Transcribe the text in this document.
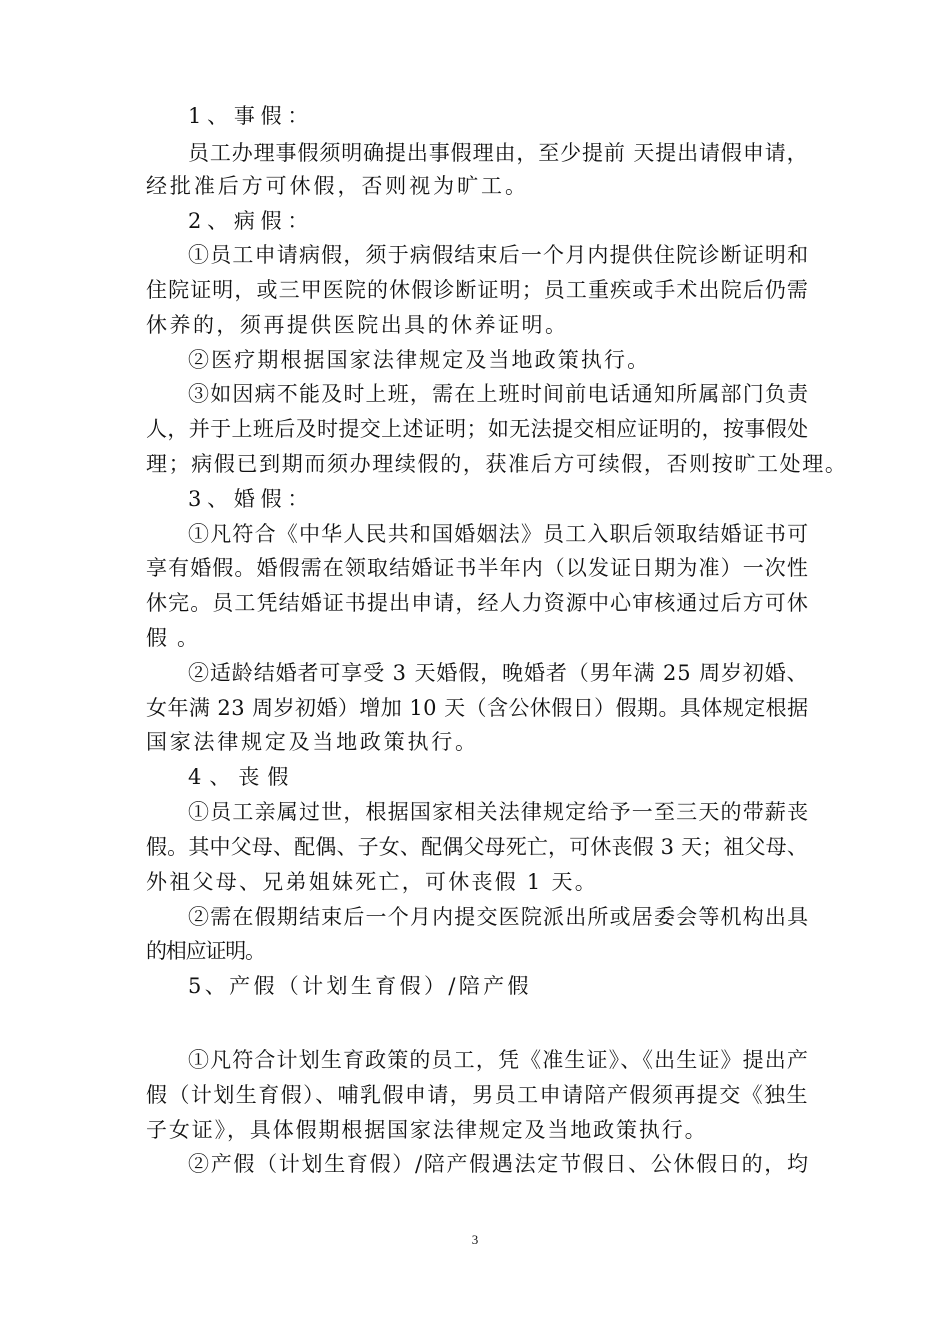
1、事假：
员工办理事假须明确提出事假理由，至少提前 天提出请假申请，
经批准后方可休假，否则视为旷工。
2、病假：
①员工申请病假，须于病假结束后一个月内提供住院诊断证明和
住院证明，或三甲医院的休假诊断证明；员工重疾或手术出院后仍需
休养的，须再提供医院出具的休养证明。
②医疗期根据国家法律规定及当地政策执行。
③如因病不能及时上班，需在上班时间前电话通知所属部门负责
人，并于上班后及时提交上述证明；如无法提交相应证明的，按事假处
理；病假已到期而须办理续假的，获准后方可续假，否则按旷工处理。
3、婚假：
①凡符合《中华人民共和国婚姻法》员工入职后领取结婚证书可
享有婚假。婚假需在领取结婚证书半年内（以发证日期为准）一次性
休完。员工凭结婚证书提出申请，经人力资源中心审核通过后方可休
假。
②适龄结婚者可享受 3 天婚假，晚婚者（男年满 25 周岁初婚、
女年满 23 周岁初婚）增加 10 天（含公休假日）假期。具体规定根据
国家法律规定及当地政策执行。
4、丧假
①员工亲属过世，根据国家相关法律规定给予一至三天的带薪丧
假。其中父母、配偶、子女、配偶父母死亡，可休丧假 3 天；祖父母、
外祖父母、兄弟姐妹死亡，可休丧假 1 天。
②需在假期结束后一个月内提交医院派出所或居委会等机构出具
的相应证明。
5、产假（计划生育假）/陪产假
①凡符合计划生育政策的员工，凭《准生证》、《出生证》提出产
假（计划生育假）、哺乳假申请，男员工申请陪产假须再提交《独生
子女证》，具体假期根据国家法律规定及当地政策执行。
②产假（计划生育假）/陪产假遇法定节假日、公休假日的，均
3
